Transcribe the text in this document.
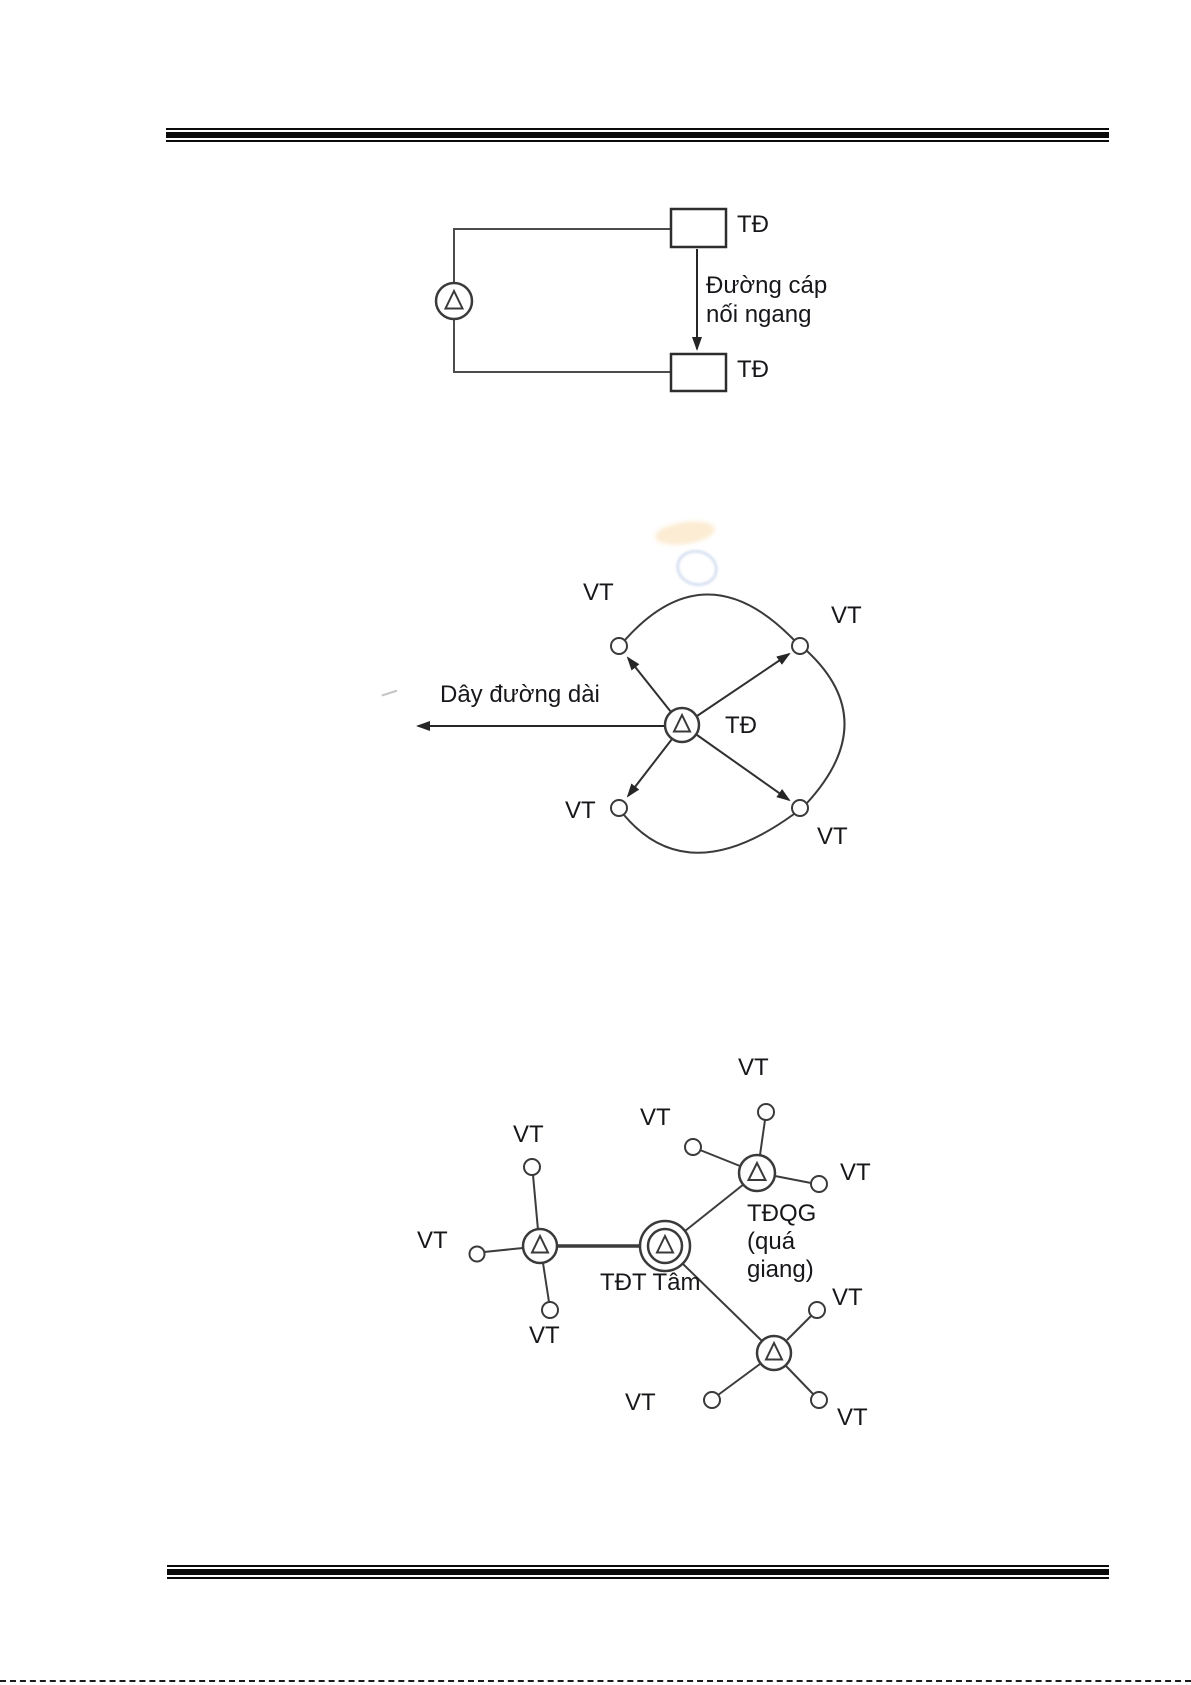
TĐ
TĐ
Đường cáp
nối ngang
VT
VT
VT
VT
TĐ
Dây đường dài
VT
VT
VT
TĐT Tâm
TĐQG
(quá
giang)
VT
VT
VT
VT
VT
VT
